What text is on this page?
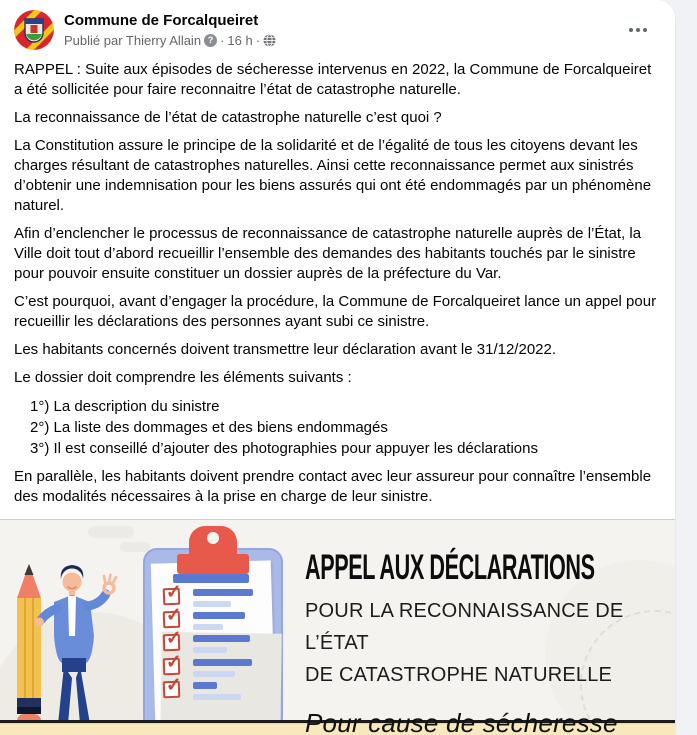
Commune de Forcalqueiret
Publié par Thierry Allain ? · 16 h ·

RAPPEL : Suite aux épisodes de sécheresse intervenus en 2022, la Commune de Forcalqueiret a été sollicitée pour faire reconnaitre l’état de catastrophe naturelle.

La reconnaissance de l’état de catastrophe naturelle c’est quoi ?

La Constitution assure le principe de la solidarité et de l’égalité de tous les citoyens devant les charges résultant de catastrophes naturelles. Ainsi cette reconnaissance permet aux sinistrés d’obtenir une indemnisation pour les biens assurés qui ont été endommagés par un phénomène naturel.

Afin d’enclencher le processus de reconnaissance de catastrophe naturelle auprès de l’État, la Ville doit tout d’abord recueillir l’ensemble des demandes des habitants touchés par le sinistre pour pouvoir ensuite constituer un dossier auprès de la préfecture du Var.

C’est pourquoi, avant d’engager la procédure, la Commune de Forcalqueiret lance un appel pour recueillir les déclarations des personnes ayant subi ce sinistre.

Les habitants concernés doivent transmettre leur déclaration avant le 31/12/2022.

Le dossier doit comprendre les éléments suivants :

1°) La description du sinistre
2°) La liste des dommages et des biens endommagés
3°) Il est conseillé d’ajouter des photographies pour appuyer les déclarations

En parallèle, les habitants doivent prendre contact avec leur assureur pour connaître l’ensemble des modalités nécessaires à la prise en charge de leur sinistre.

✓
✓
✓
✓
✓
APPEL AUX DÉCLARATIONS
POUR LA RECONNAISSANCE DE L’ÉTAT
DE CATASTROPHE NATURELLE
Pour cause de sécheresse
